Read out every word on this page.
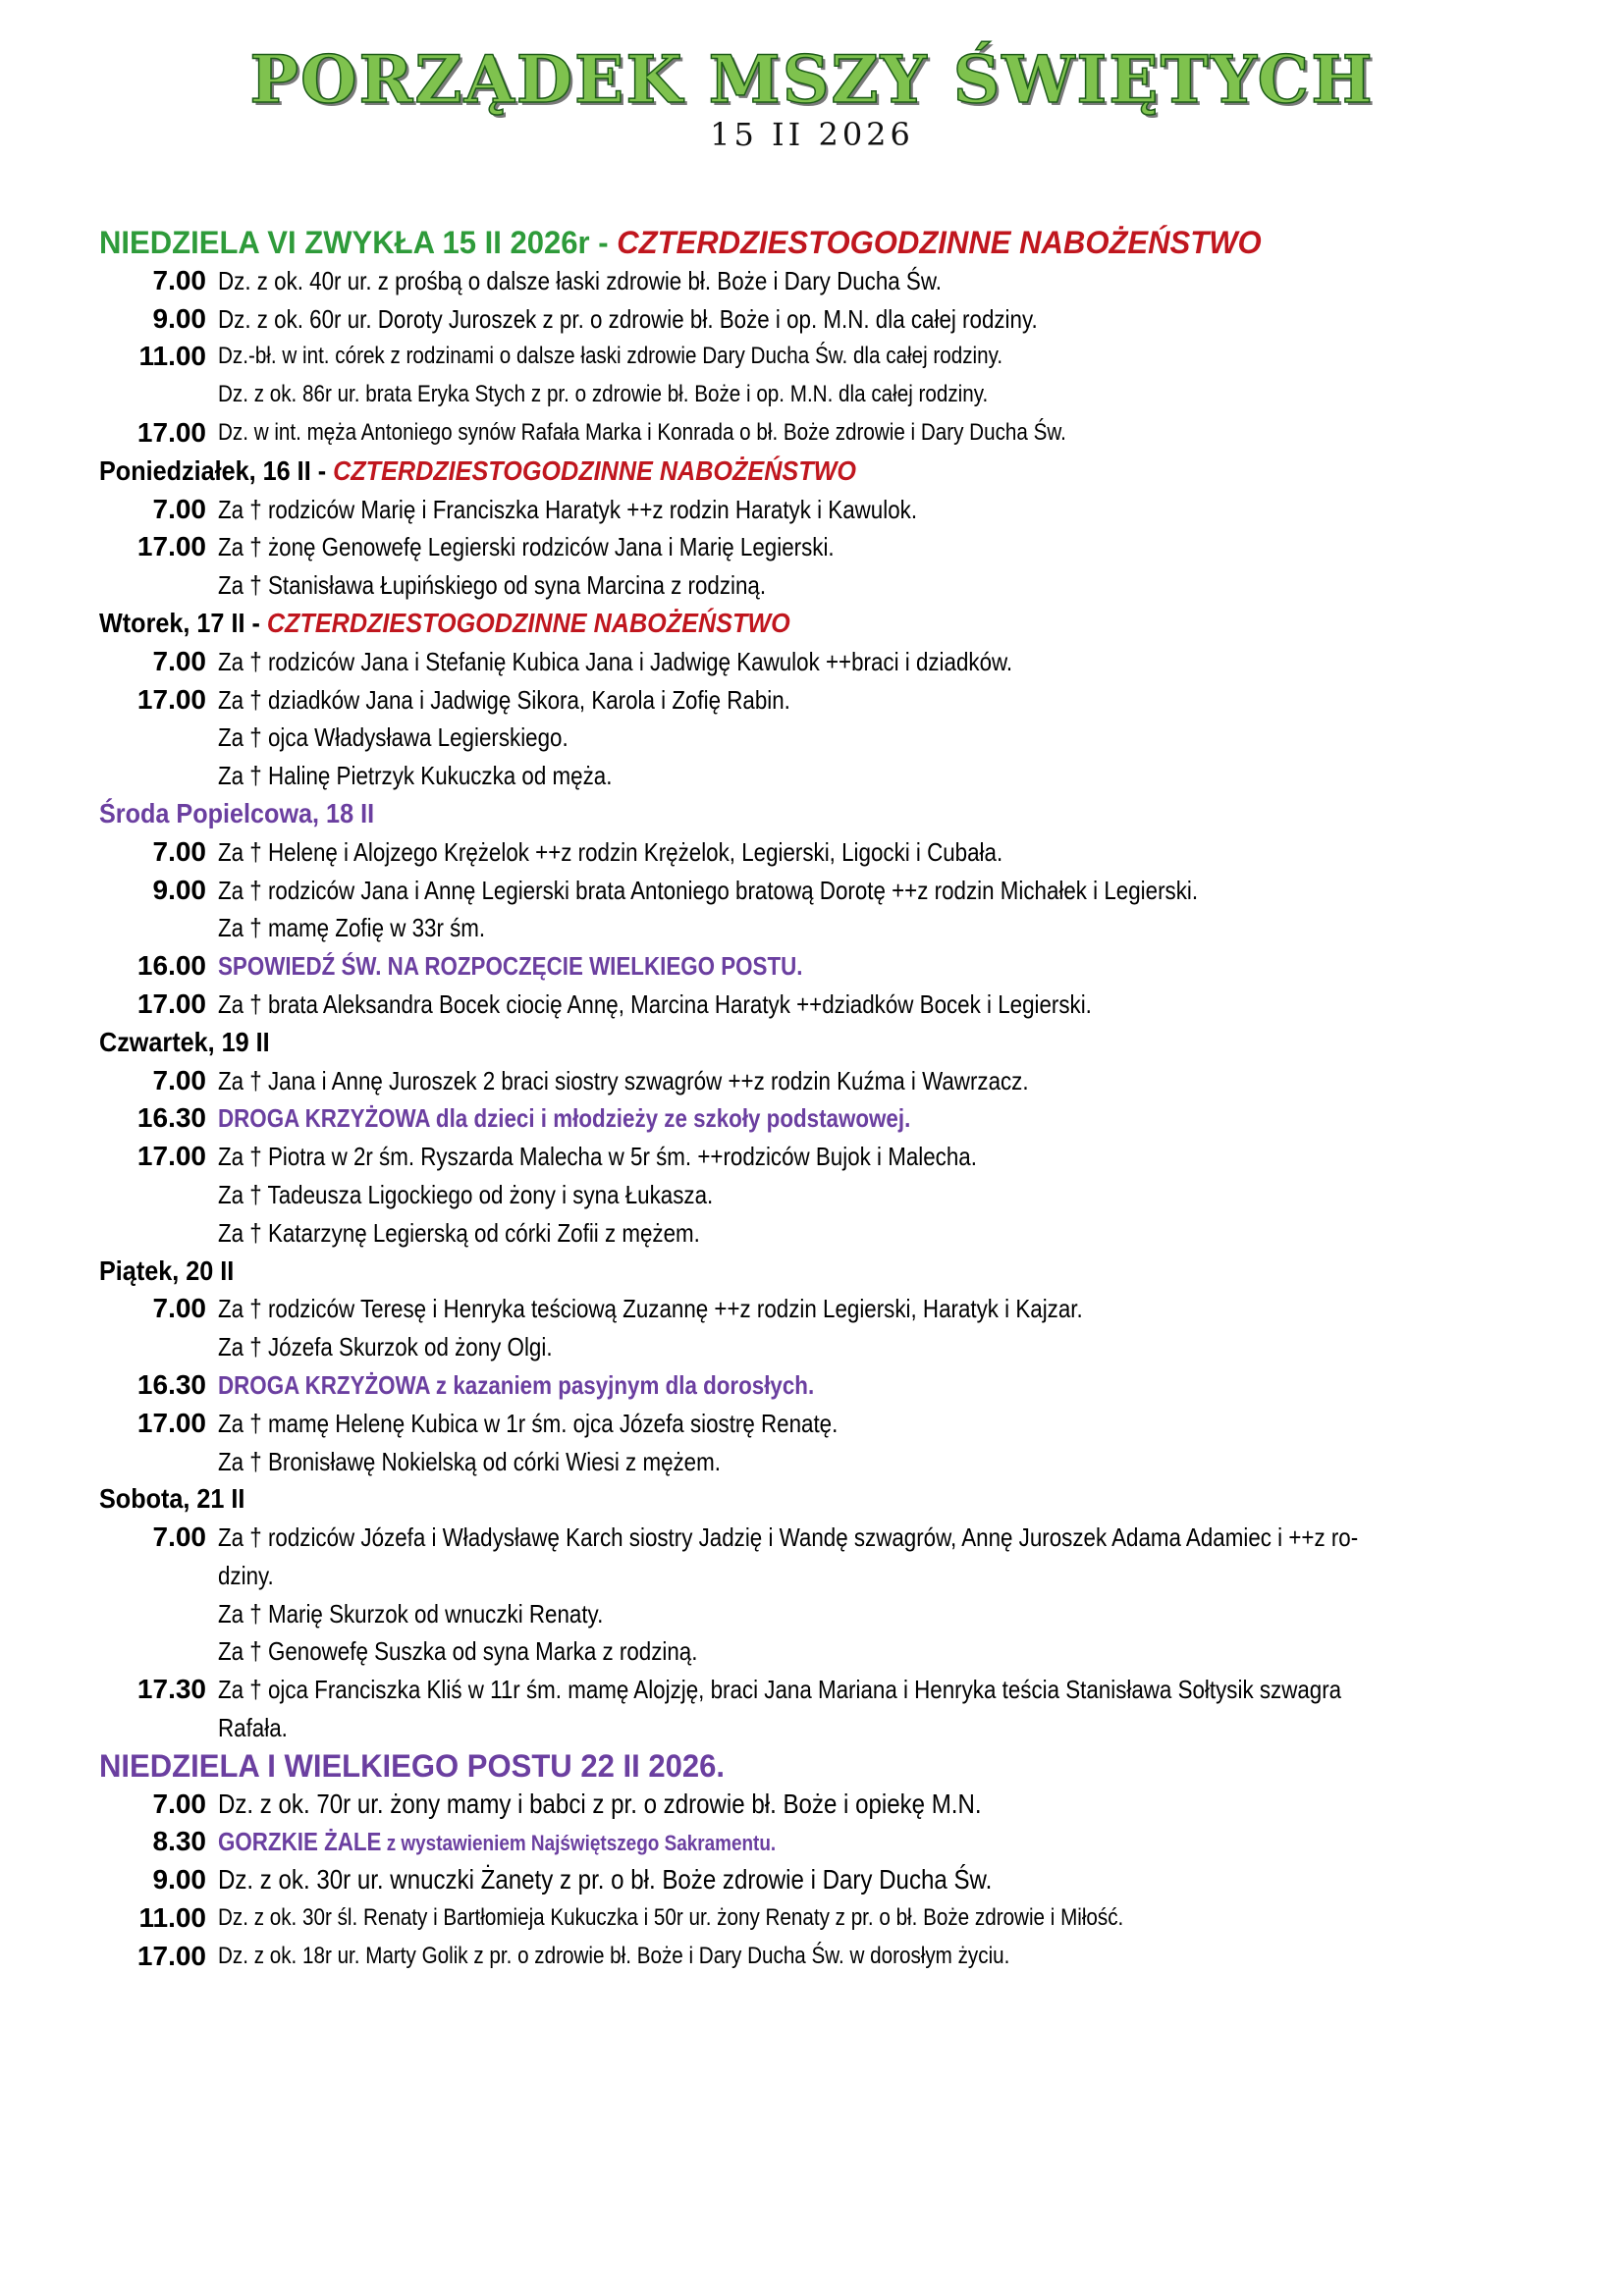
PORZĄDEK MSZY ŚWIĘTYCH
15 II 2026
NIEDZIELA VI ZWYKŁA 15 II 2026r - CZTERDZIESTOGODZINNE NABOŻEŃSTWO
7.00 Dz. z ok. 40r ur. z prośbą o dalsze łaski zdrowie bł. Boże i Dary Ducha Św.
9.00 Dz. z ok. 60r ur. Doroty Juroszek z pr. o zdrowie bł. Boże i op. M.N. dla całej rodziny.
11.00 Dz.-bł. w int. córek z rodzinami o dalsze łaski zdrowie Dary Ducha Św. dla całej rodziny.
Dz. z ok. 86r ur. brata Eryka Stych z pr. o zdrowie bł. Boże i op. M.N. dla całej rodziny.
17.00 Dz. w int. męża Antoniego synów Rafała Marka i Konrada o bł. Boże zdrowie i Dary Ducha Św.
Poniedziałek, 16 II - CZTERDZIESTOGODZINNE NABOŻEŃSTWO
7.00 Za † rodziców Marię i Franciszka Haratyk ++z rodzin Haratyk i Kawulok.
17.00 Za † żonę Genowefę Legierski rodziców Jana i Marię Legierski.
Za † Stanisława Łupińskiego od syna Marcina z rodziną.
Wtorek, 17 II - CZTERDZIESTOGODZINNE NABOŻEŃSTWO
7.00 Za † rodziców Jana i Stefanię Kubica Jana i Jadwigę Kawulok ++braci i dziadków.
17.00 Za † dziadków Jana i Jadwigę Sikora, Karola i Zofię Rabin.
Za † ojca Władysława Legierskiego.
Za † Halinę Pietrzyk Kukuczka od męża.
Środa Popielcowa, 18 II
7.00 Za † Helenę i Alojzego Krężelok ++z rodzin Krężelok, Legierski, Ligocki i Cubała.
9.00 Za † rodziców Jana i Annę Legierski brata Antoniego bratową Dorotę ++z rodzin Michałek i Legierski.
Za † mamę Zofię w 33r śm.
16.00 SPOWIEDŹ ŚW. NA ROZPOCZĘCIE WIELKIEGO POSTU.
17.00 Za † brata Aleksandra Bocek ciocię Annę, Marcina Haratyk ++dziadków Bocek i Legierski.
Czwartek, 19 II
7.00 Za † Jana i Annę Juroszek 2 braci siostry szwagrów ++z rodzin Kuźma i Wawrzacz.
16.30 DROGA KRZYŻOWA dla dzieci i młodzieży ze szkoły podstawowej.
17.00 Za † Piotra w 2r śm. Ryszarda Malecha w 5r śm. ++rodziców Bujok i Malecha.
Za † Tadeusza Ligockiego od żony i syna Łukasza.
Za † Katarzynę Legierską od córki Zofii z mężem.
Piątek, 20 II
7.00 Za † rodziców Teresę i Henryka teściową Zuzannę ++z rodzin Legierski, Haratyk i Kajzar.
Za † Józefa Skurzok od żony Olgi.
16.30 DROGA KRZYŻOWA z kazaniem pasyjnym dla dorosłych.
17.00 Za † mamę Helenę Kubica w 1r śm. ojca Józefa siostrę Renatę.
Za † Bronisławę Nokielską od córki Wiesi z mężem.
Sobota, 21 II
7.00 Za † rodziców Józefa i Władysławę Karch siostry Jadzię i Wandę szwagrów, Annę Juroszek Adama Adamiec i ++z ro-
dziny.
Za † Marię Skurzok od wnuczki Renaty.
Za † Genowefę Suszka od syna Marka z rodziną.
17.30 Za † ojca Franciszka Kliś w 11r śm. mamę Alojzję, braci Jana Mariana i Henryka teścia Stanisława Sołtysik szwagra
Rafała.
NIEDZIELA I WIELKIEGO POSTU 22 II 2026.
7.00 Dz. z ok. 70r ur. żony mamy i babci z pr. o zdrowie bł. Boże i opiekę M.N.
8.30 GORZKIE ŻALE z wystawieniem Najświętszego Sakramentu.
9.00 Dz. z ok. 30r ur. wnuczki Żanety z pr. o bł. Boże zdrowie i Dary Ducha Św.
11.00 Dz. z ok. 30r śl. Renaty i Bartłomieja Kukuczka i 50r ur. żony Renaty z pr. o bł. Boże zdrowie i Miłość.
17.00 Dz. z ok. 18r ur. Marty Golik z pr. o zdrowie bł. Boże i Dary Ducha Św. w dorosłym życiu.
